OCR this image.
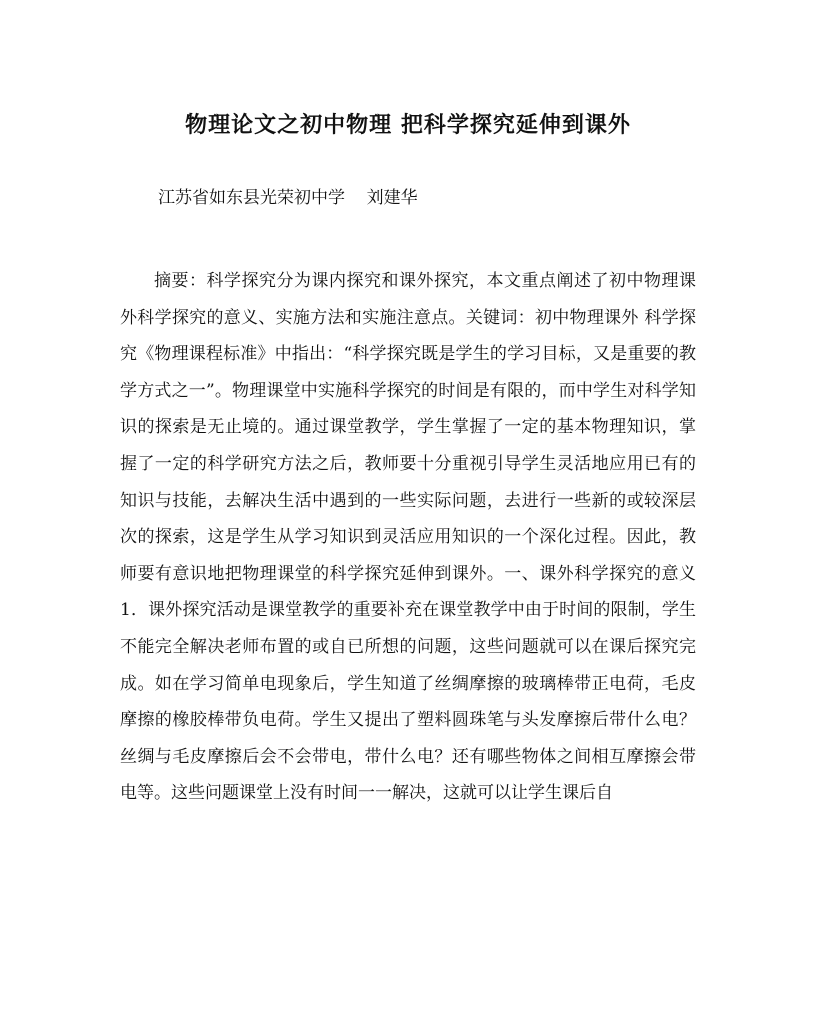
物理论文之初中物理 把科学探究延伸到课外

江苏省如东县光荣初中学    刘建华

摘要：科学探究分为课内探究和课外探究，本文重点阐述了初中物理课外科学探究的意义、实施方法和实施注意点。关键词：初中物理课外 科学探究《物理课程标准》中指出：“科学探究既是学生的学习目标，又是重要的教学方式之一”。物理课堂中实施科学探究的时间是有限的，而中学生对科学知识的探索是无止境的。通过课堂教学，学生掌握了一定的基本物理知识，掌握了一定的科学研究方法之后，教师要十分重视引导学生灵活地应用已有的知识与技能，去解决生活中遇到的一些实际问题，去进行一些新的或较深层次的探索，这是学生从学习知识到灵活应用知识的一个深化过程。因此，教师要有意识地把物理课堂的科学探究延伸到课外。一、课外科学探究的意义 1．课外探究活动是课堂教学的重要补充在课堂教学中由于时间的限制，学生不能完全解决老师布置的或自已所想的问题，这些问题就可以在课后探究完成。如在学习简单电现象后，学生知道了丝绸摩擦的玻璃棒带正电荷，毛皮摩擦的橡胶棒带负电荷。学生又提出了塑料圆珠笔与头发摩擦后带什么电？丝绸与毛皮摩擦后会不会带电，带什么电？还有哪些物体之间相互摩擦会带电等。这些问题课堂上没有时间一一解决，这就可以让学生课后自
